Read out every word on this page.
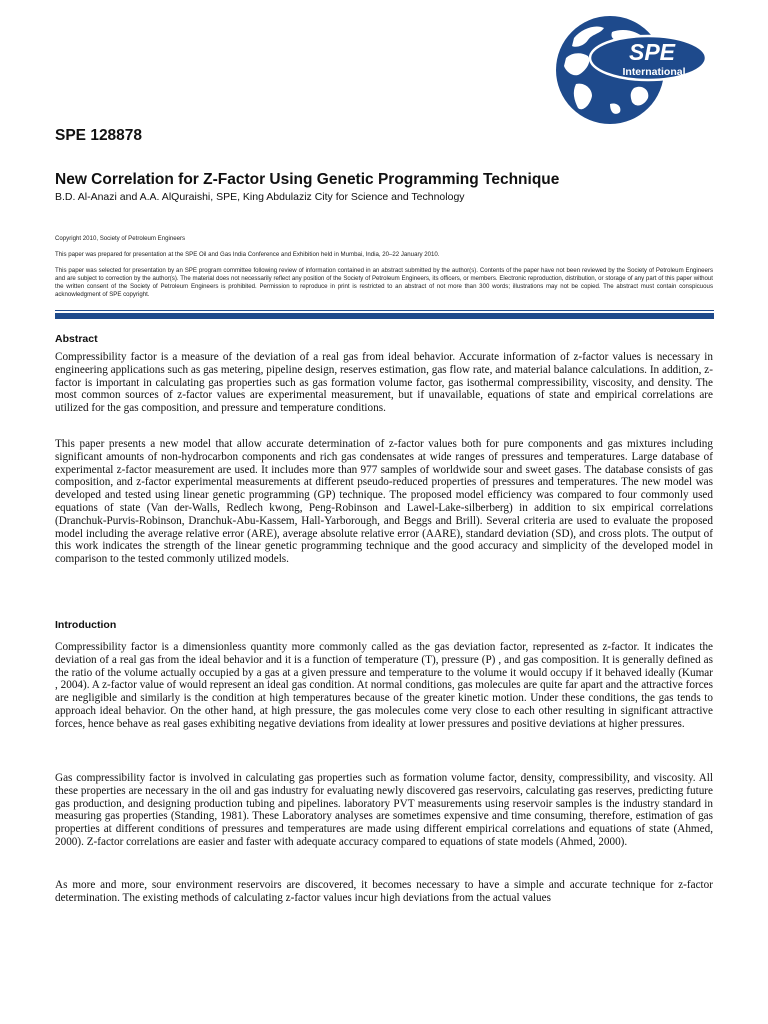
SPE
International
SPE 128878
New Correlation for Z-Factor Using Genetic Programming Technique

B.D. Al-Anazi and A.A. AlQuraishi, SPE, King Abdulaziz City for Science and Technology

Copyright 2010, Society of Petroleum Engineers

This paper was prepared for presentation at the SPE Oil and Gas India Conference and Exhibition held in Mumbai, India, 20–22 January 2010.

This paper was selected for presentation by an SPE program committee following review of information contained in an abstract submitted by the author(s). Contents of the paper have not been reviewed by the Society of Petroleum Engineers and are subject to correction by the author(s). The material does not necessarily reflect any position of the Society of Petroleum Engineers, its officers, or members. Electronic reproduction, distribution, or storage of any part of this paper without the written consent of the Society of Petroleum Engineers is prohibited. Permission to reproduce in print is restricted to an abstract of not more than 300 words; illustrations may not be copied. The abstract must contain conspicuous acknowledgment of SPE copyright.

Abstract

Compressibility factor is a measure of the deviation of a real gas from ideal behavior. Accurate information of z-factor values is necessary in engineering applications such as gas metering, pipeline design, reserves estimation, gas flow rate, and material balance calculations. In addition, z-factor is important in calculating gas properties such as gas formation volume factor, gas isothermal compressibility, viscosity, and density. The most common sources of z-factor values are experimental measurement, but if unavailable, equations of state and empirical correlations are utilized for the gas composition, and pressure and temperature conditions.

This paper presents a new model that allow accurate determination of z-factor values both for pure components and gas mixtures including significant amounts of non-hydrocarbon components and rich gas condensates at wide ranges of pressures and temperatures. Large database of experimental z-factor measurement are used. It includes more than 977 samples of worldwide sour and sweet gases. The database consists of gas composition, and z-factor experimental measurements at different pseudo-reduced properties of pressures and temperatures. The new model was developed and tested using linear genetic programming (GP) technique. The proposed model efficiency was compared to four commonly used equations of state (Van der-Walls, Redlech kwong, Peng-Robinson and Lawel-Lake-silberberg) in addition to six empirical correlations (Dranchuk-Purvis-Robinson, Dranchuk-Abu-Kassem, Hall-Yarborough, and Beggs and Brill). Several criteria are used to evaluate the proposed model including the average relative error (ARE), average absolute relative error (AARE), standard deviation (SD), and cross plots. The output of this work indicates the strength of the linear genetic programming technique and the good accuracy and simplicity of the developed model in comparison to the tested commonly utilized models.

Introduction

Compressibility factor is a dimensionless quantity more commonly called as the gas deviation factor, represented as z-factor. It indicates the deviation of a real gas from the ideal behavior and it is a function of temperature (T), pressure (P) , and gas composition. It is generally defined as the ratio of the volume actually occupied by a gas at a given pressure and temperature to the volume it would occupy if it behaved ideally (Kumar , 2004). A z-factor value of would represent an ideal gas condition. At normal conditions, gas molecules are quite far apart and the attractive forces are negligible and similarly is the condition at high temperatures because of the greater kinetic motion. Under these conditions, the gas tends to approach ideal behavior. On the other hand, at high pressure, the gas molecules come very close to each other resulting in significant attractive forces, hence behave as real gases exhibiting negative deviations from ideality at lower pressures and positive deviations at higher pressures.

Gas compressibility factor is involved in calculating gas properties such as formation volume factor, density, compressibility, and viscosity. All these properties are necessary in the oil and gas industry for evaluating newly discovered gas reservoirs, calculating gas reserves, predicting future gas production, and designing production tubing and pipelines. laboratory PVT measurements using reservoir samples is the industry standard in measuring gas properties (Standing, 1981). These Laboratory analyses are sometimes expensive and time consuming, therefore, estimation of gas properties at different conditions of pressures and temperatures are made using different empirical correlations and equations of state (Ahmed, 2000). Z-factor correlations are easier and faster with adequate accuracy compared to equations of state models (Ahmed, 2000).

As more and more, sour environment reservoirs are discovered, it becomes necessary to have a simple and accurate technique for z-factor determination. The existing methods of calculating z-factor values incur high deviations from the actual values
